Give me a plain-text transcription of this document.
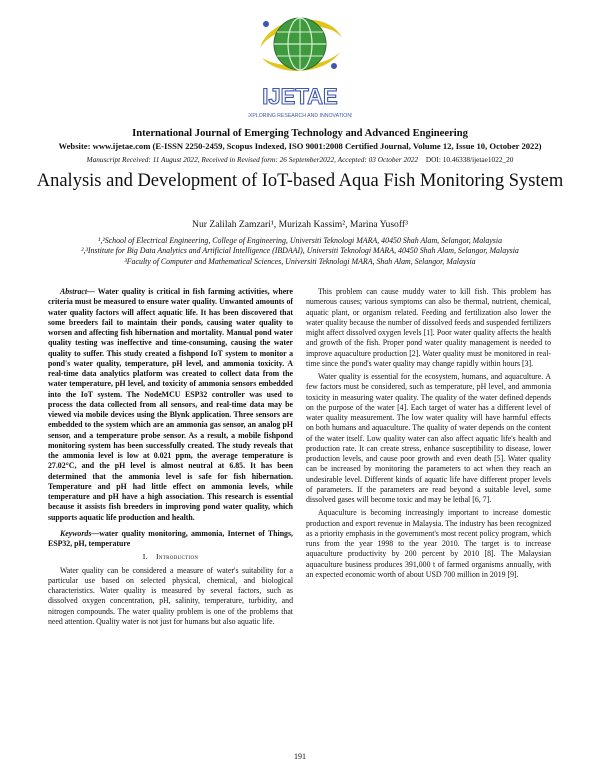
IJETAE
EXPLORING RESEARCH AND INNOVATIONS
International Journal of Emerging Technology and Advanced Engineering
Website: www.ijetae.com (E-ISSN 2250-2459, Scopus Indexed, ISO 9001:2008 Certified Journal, Volume 12, Issue 10, October 2022)
Manuscript Received: 11 August 2022, Received in Revised form: 26 September2022, Accepted: 03 October 2022 DOI: 10.46338/ijetae1022_20
Analysis and Development of IoT-based Aqua Fish Monitoring System
Nur Zalilah Zamzari¹, Murizah Kassim², Marina Yusoff³

¹,²School of Electrical Engineering, College of Engineering, Universiti Teknologi MARA, 40450 Shah Alam, Selangor, Malaysia

²,³Institute for Big Data Analytics and Artificial Intelligence (IBDAAI), Universiti Teknologi MARA, 40450 Shah Alam, Selangor, Malaysia

³Faculty of Computer and Mathematical Sciences, Universiti Teknologi MARA, Shah Alam, Selangor, Malaysia

Abstract— Water quality is critical in fish farming activities, where criteria must be measured to ensure water quality. Unwanted amounts of water quality factors will affect aquatic life. It has been discovered that some breeders fail to maintain their ponds, causing water quality to worsen and affecting fish hibernation and mortality. Manual pond water quality testing was ineffective and time-consuming, causing the water quality to suffer. This study created a fishpond IoT system to monitor a pond's water quality, temperature, pH level, and ammonia toxicity. A real-time data analytics platform was created to collect data from the water temperature, pH level, and toxicity of ammonia sensors embedded into the IoT system. The NodeMCU ESP32 controller was used to process the data collected from all sensors, and real-time data may be viewed via mobile devices using the Blynk application. Three sensors are embedded to the system which are an ammonia gas sensor, an analog pH sensor, and a temperature probe sensor. As a result, a mobile fishpond monitoring system has been successfully created. The study reveals that the ammonia level is low at 0.021 ppm, the average temperature is 27.02°C, and the pH level is almost neutral at 6.85. It has been determined that the ammonia level is safe for fish hibernation. Temperature and pH had little effect on ammonia levels, while temperature and pH have a high association. This research is essential because it assists fish breeders in improving pond water quality, which supports aquatic life production and health.

Keywords—water quality monitoring, ammonia, Internet of Things, ESP32, pH, temperature

I. Introduction

Water quality can be considered a measure of water's suitability for a particular use based on selected physical, chemical, and biological characteristics. Water quality is measured by several factors, such as dissolved oxygen concentration, pH, salinity, temperature, turbidity, and nitrogen compounds. The water quality problem is one of the problems that need attention. Quality water is not just for humans but also aquatic life.

This problem can cause muddy water to kill fish. This problem has numerous causes; various symptoms can also be thermal, nutrient, chemical, aquatic plant, or organism related. Feeding and fertilization also lower the water quality because the number of dissolved feeds and suspended fertilizers might affect dissolved oxygen levels [1]. Poor water quality affects the health and growth of the fish. Proper pond water quality management is needed to improve aquaculture production [2]. Water quality must be monitored in real-time since the pond's water quality may change rapidly within hours [3].

Water quality is essential for the ecosystem, humans, and aquaculture. A few factors must be considered, such as temperature, pH level, and ammonia toxicity in measuring water quality. The quality of the water defined depends on the purpose of the water [4]. Each target of water has a different level of water quality measurement. The low water quality will have harmful effects on both humans and aquaculture. The quality of water depends on the content of the water itself. Low quality water can also affect aquatic life's health and production rate. It can create stress, enhance susceptibility to disease, lower production levels, and cause poor growth and even death [5]. Water quality can be increased by monitoring the parameters to act when they reach an undesirable level. Different kinds of aquatic life have different proper levels of parameters. If the parameters are read beyond a suitable level, some dissolved gases will become toxic and may be lethal [6, 7].

Aquaculture is becoming increasingly important to increase domestic production and export revenue in Malaysia. The industry has been recognized as a priority emphasis in the government's most recent policy program, which runs from the year 1998 to the year 2010. The target is to increase aquaculture productivity by 200 percent by 2010 [8]. The Malaysian aquaculture business produces 391,000 t of farmed organisms annually, with an expected economic worth of about USD 700 million in 2019 [9].

191
